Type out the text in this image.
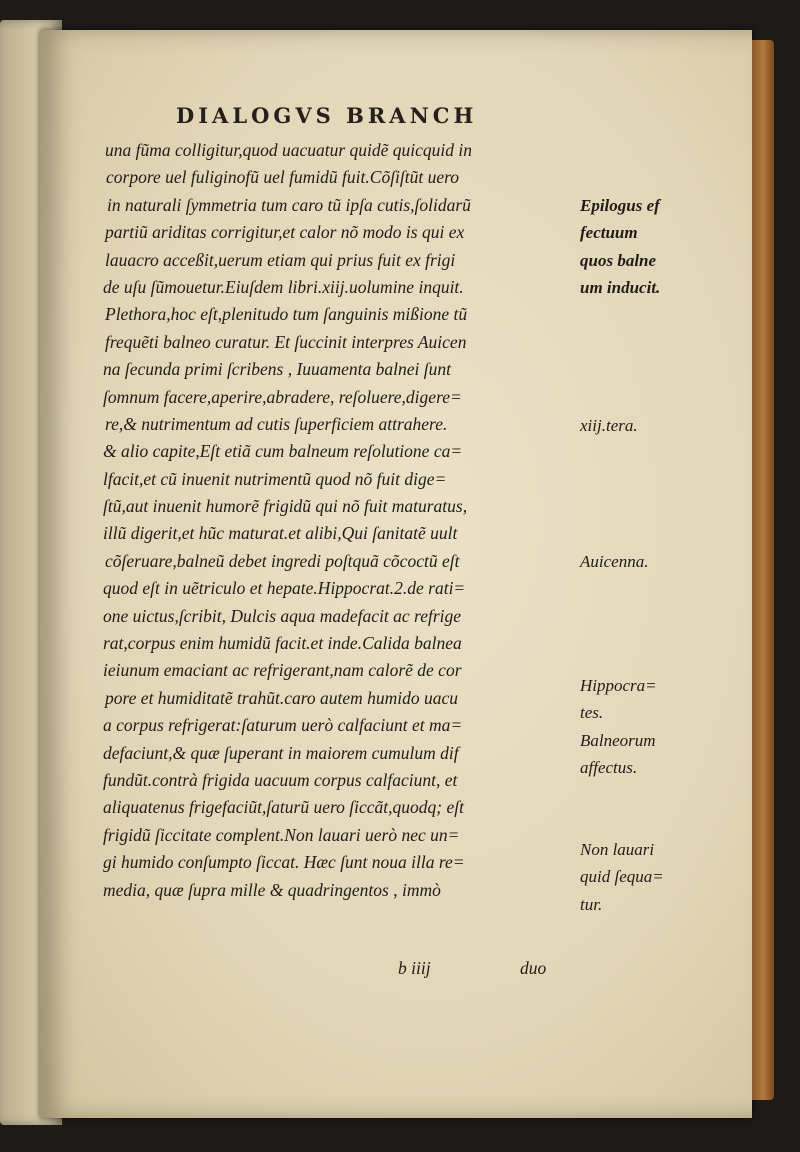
DIALOGVS BRANCH
una fũma colligitur,quod uacuatur quidẽ quicquid in
corpore uel fuliginofũ uel fumidũ fuit.Cõſiſtũt uero
in naturali ſymmetria tum caro tũ ipſa cutis,ſolidarũ
partiũ ariditas corrigitur,et calor nõ modo is qui ex
lauacro acceßit,uerum etiam qui prius fuit ex frigi
de uſu ſũmouetur.Eiuſdem libri.xiij.uolumine inquit.
Plethora,hoc eſt,plenitudo tum ſanguinis mißione tũ
frequẽti balneo curatur. Et ſuccinit interpres Auicen
na ſecunda primi ſcribens , Iuuamenta balnei ſunt
ſomnum facere,aperire,abradere, reſoluere,digere=
re,& nutrimentum ad cutis ſuperficiem attrahere.
& alio capite,Eſt etiã cum balneum reſolutione ca=
lfacit,et cũ inuenit nutrimentũ quod nõ fuit dige=
ſtũ,aut inuenit humorẽ frigidũ qui nõ fuit maturatus,
illũ digerit,et hũc maturat.et alibi,Qui ſanitatẽ uult
cõſeruare,balneũ debet ingredi poſtquã cõcoctũ eſt
quod eſt in uẽtriculo et hepate.Hippocrat.2.de rati=
one uictus,ſcribit, Dulcis aqua madefacit ac refrige
rat,corpus enim humidũ facit.et inde.Calida balnea
ieiunum emaciant ac refrigerant,nam calorẽ de cor
pore et humiditatẽ trahũt.caro autem humido uacu
a corpus refrigerat:ſaturum uerò calfaciunt et ma=
defaciunt,& quæ ſuperant in maiorem cumulum dif
fundũt.contrà frigida uacuum corpus calfaciunt, et
aliquatenus frigefaciũt,ſaturũ uero ſiccãt,quodq; eſt
frigidũ ſiccitate complent.Non lauari uerò nec un=
gi humido conſumpto ſiccat. Hæc ſunt noua illa re=
media, quæ ſupra mille & quadringentos , immò
Epilogus ef
fectuum
quos balne
um inducit.
xiij.tera.
Auicenna.
Hippocra=
tes.
Balneorum
affectus.
Non lauari
quid ſequa=
tur.
b iiij	duo
